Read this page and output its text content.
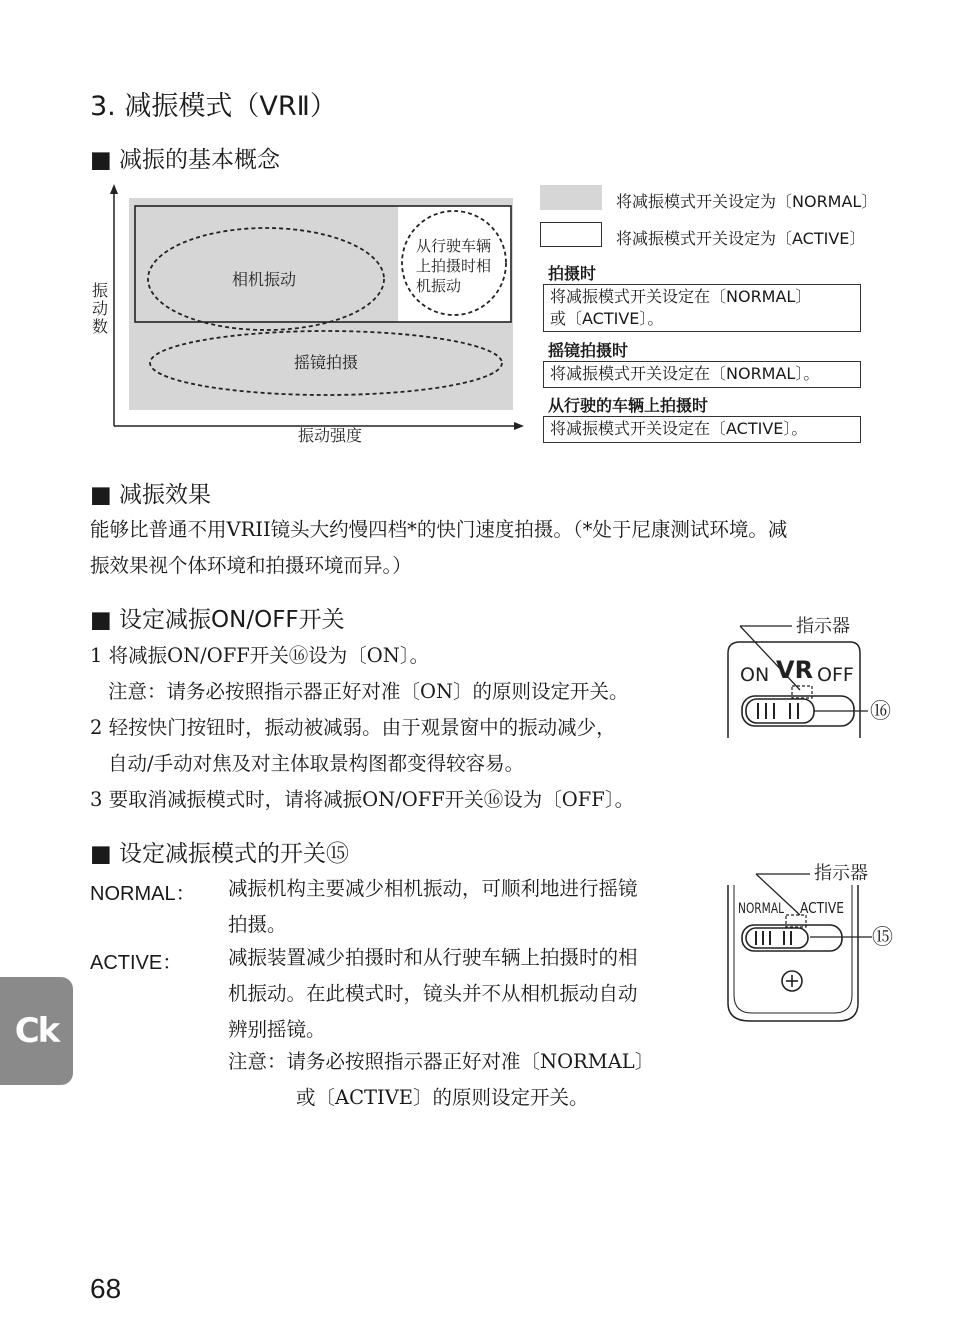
3. 减振模式（VRⅡ）
■ 减振的基本概念
相机振动
摇镜拍摄
从行驶车辆
上拍摄时相
机振动
振
动
数
振动强度
将减振模式开关设定为〔NORMAL〕
将减振模式开关设定为〔ACTIVE〕
拍摄时
将减振模式开关设定在〔NORMAL〕
或〔ACTIVE〕。
摇镜拍摄时
将减振模式开关设定在〔NORMAL〕。
从行驶的车辆上拍摄时
将减振模式开关设定在〔ACTIVE〕。
■ 减振效果
能够比普通不用VRII镜头大约慢四档*的快门速度拍摄。（*处于尼康测试环境。减
振效果视个体环境和拍摄环境而异。）
■ 设定减振ON/OFF开关
1 将减振ON/OFF开关⑯设为〔ON〕。
注意：请务必按照指示器正好对准〔ON〕的原则设定开关。
2 轻按快门按钮时，振动被减弱。由于观景窗中的振动减少，
自动/手动对焦及对主体取景构图都变得较容易。
3 要取消减振模式时，请将减振ON/OFF开关⑯设为〔OFF〕。
指示器
ON VR OFF
⑯
■ 设定减振模式的开关⑮
NORMAL： 减振机构主要减少相机振动，可顺利地进行摇镜
拍摄。
ACTIVE： 减振装置减少拍摄时和从行驶车辆上拍摄时的相
机振动。在此模式时，镜头并不从相机振动自动
辨别摇镜。
注意：请务必按照指示器正好对准〔NORMAL〕
或〔ACTIVE〕的原则设定开关。
指示器
NORMAL ACTIVE
⑮
Ck
68
